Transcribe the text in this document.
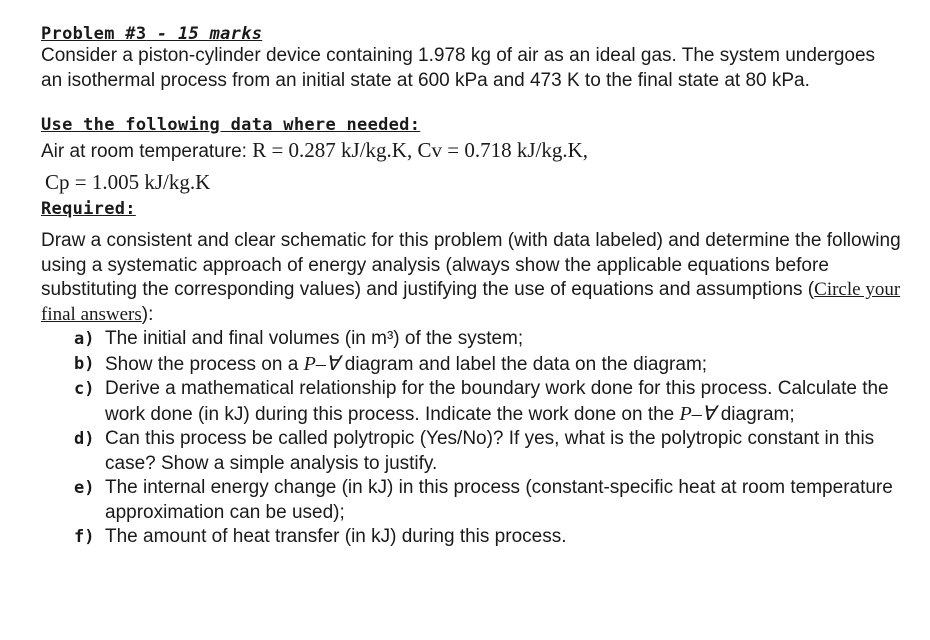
Problem #3 - 15 marks

Consider a piston-cylinder device containing 1.978 kg of air as an ideal gas. The system undergoes an isothermal process from an initial state at 600 kPa and 473 K to the final state at 80 kPa.

Use the following data where needed:
Air at room temperature: R = 0.287 kJ/kg.K, Cv = 0.718 kJ/kg.K,
Cp = 1.005 kJ/kg.K
Required:

Draw a consistent and clear schematic for this problem (with data labeled) and determine the following using a systematic approach of energy analysis (always show the applicable equations before substituting the corresponding values) and justifying the use of equations and assumptions (Circle your final answers):

a) The initial and final volumes (in m³) of the system;
b) Show the process on a P–∀ diagram and label the data on the diagram;
c) Derive a mathematical relationship for the boundary work done for this process. Calculate the work done (in kJ) during this process. Indicate the work done on the P–∀ diagram;
d) Can this process be called polytropic (Yes/No)? If yes, what is the polytropic constant in this case? Show a simple analysis to justify.
e) The internal energy change (in kJ) in this process (constant-specific heat at room temperature approximation can be used);
f) The amount of heat transfer (in kJ) during this process.
